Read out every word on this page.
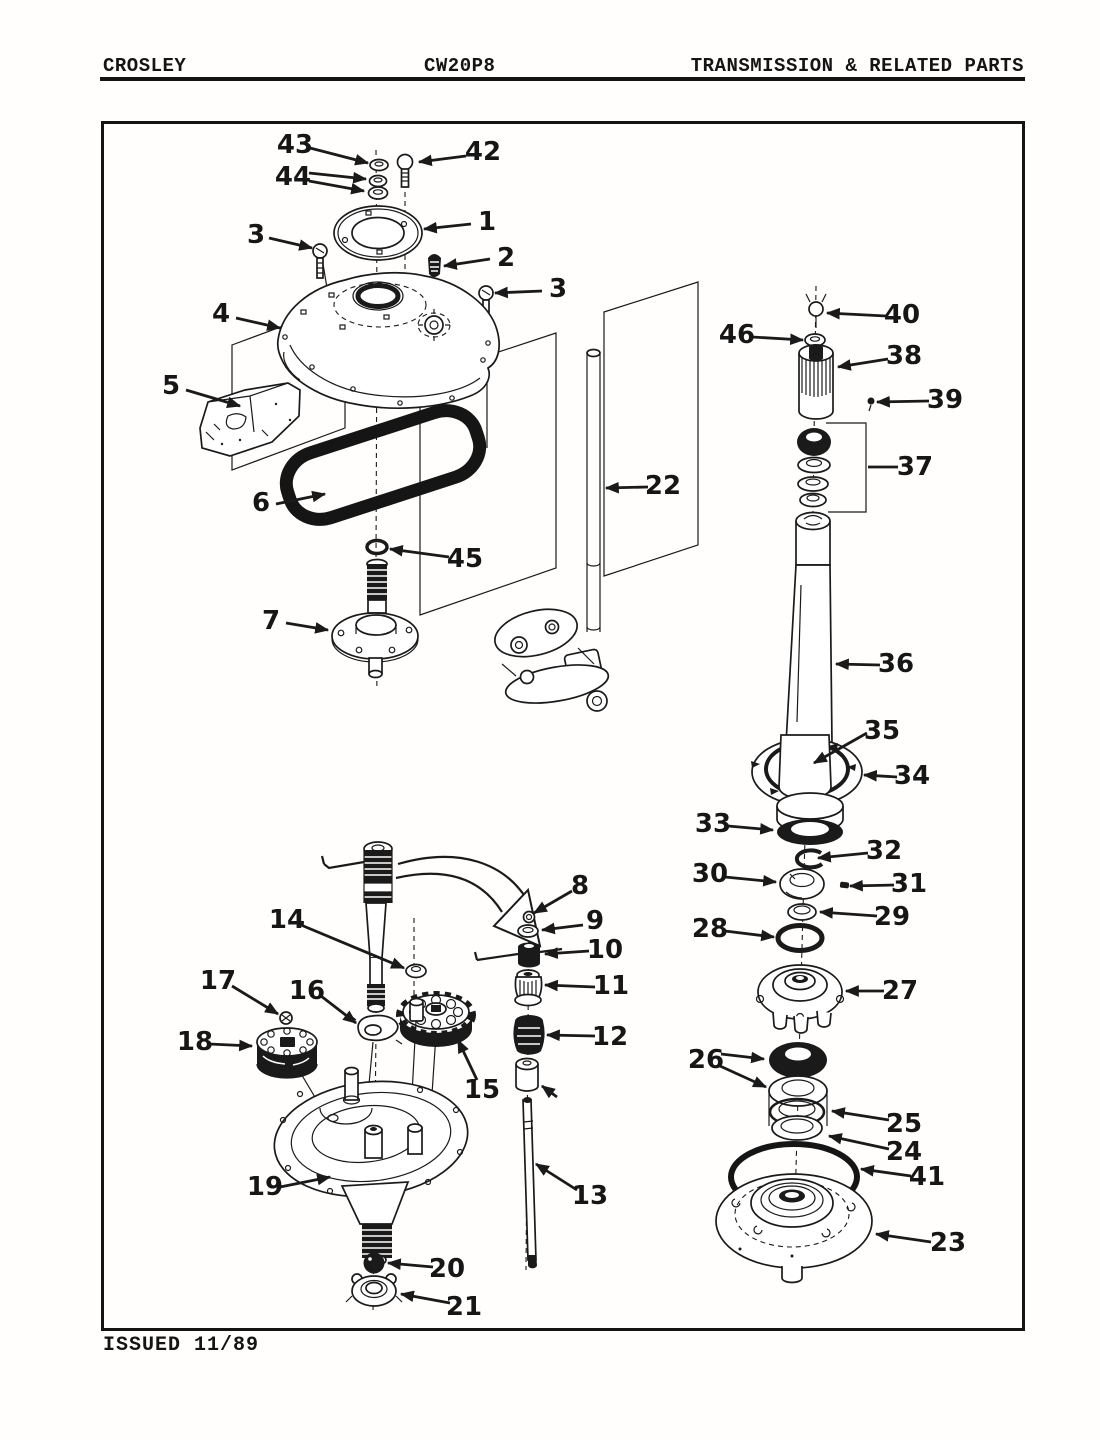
CROSLEY	CW20P8	TRANSMISSION & RELATED PARTS
1
2
3
3
4
5
6
7
8
9
10
11
12
13
14
15
16
17
18
19
20
21
22
23
24
25
26
27
28	29
30	31
32
33
34
35
36
37
38
39
40
41
42
43
44
45
46
ISSUED 11/89
